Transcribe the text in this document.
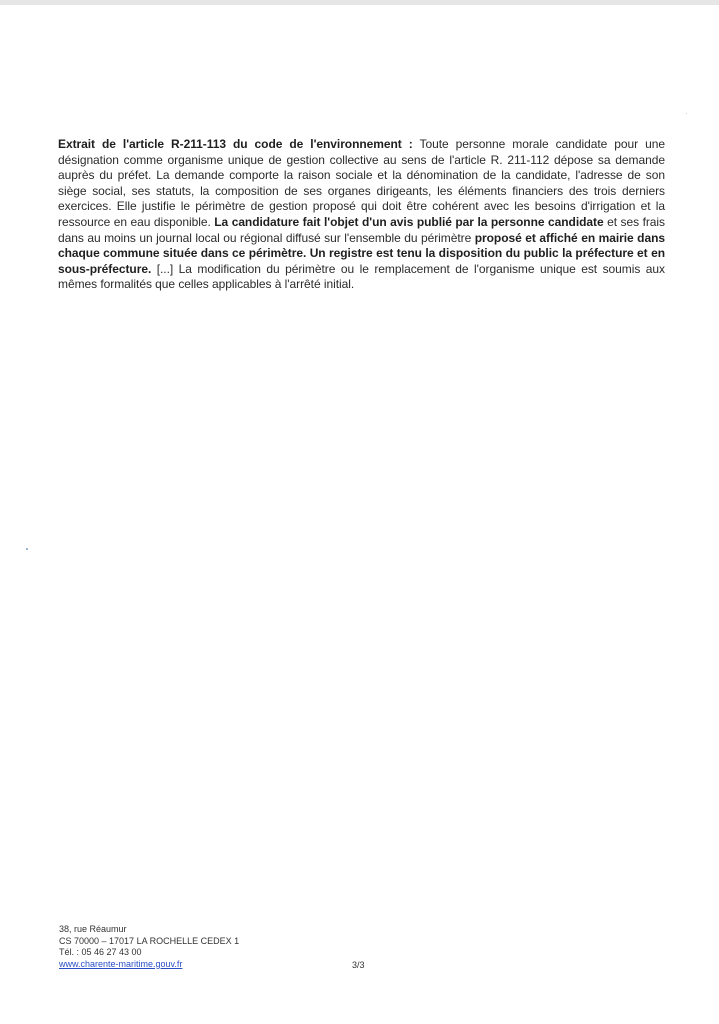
Extrait de l'article R-211-113 du code de l'environnement : Toute personne morale candidate pour une désignation comme organisme unique de gestion collective au sens de l'article R. 211-112 dépose sa demande auprès du préfet. La demande comporte la raison sociale et la dénomination de la candidate, l'adresse de son siège social, ses statuts, la composition de ses organes dirigeants, les éléments financiers des trois derniers exercices. Elle justifie le périmètre de gestion proposé qui doit être cohérent avec les besoins d'irrigation et la ressource en eau disponible. La candidature fait l'objet d'un avis publié par la personne candidate et ses frais dans au moins un journal local ou régional diffusé sur l'ensemble du périmètre proposé et affiché en mairie dans chaque commune située dans ce périmètre. Un registre est tenu la disposition du public la préfecture et en sous-préfecture. [...] La modification du périmètre ou le remplacement de l'organisme unique est soumis aux mêmes formalités que celles applicables à l'arrêté initial.

38, rue Réaumur
CS 70000 – 17017 LA ROCHELLE CEDEX 1
Tél. : 05 46 27 43 00
www.charente-maritime.gouv.fr	3/3
